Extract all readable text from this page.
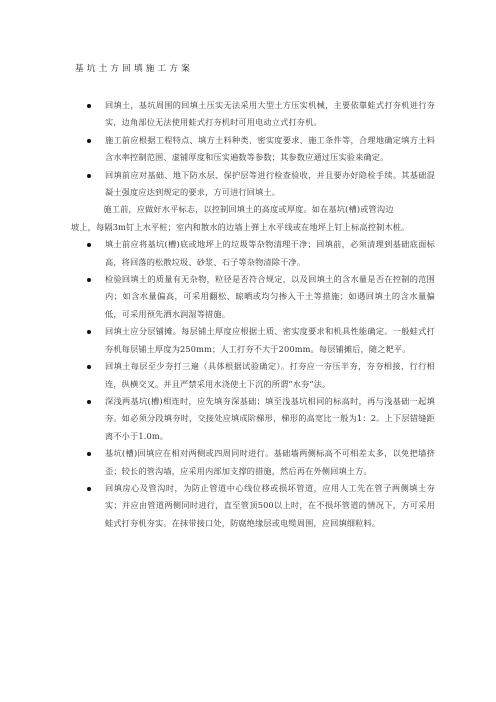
基坑土方回填施工方案

回填土，基坑周围的回填土压实无法采用大型土方压实机械，主要依靠蛙式打夯机进行夯实，边角部位无法使用蛙式打夯机时可用电动立式打夯机。

施工前应根据工程特点、填方土料种类、密实度要求、施工条件等，合理地确定填方土料含水率控制范围、虚铺厚度和压实遍数等参数；其参数应通过压实验来确定。

回填前应对基础、地下防水层、保护层等进行检查验收，并且要办好隐检手续。其基础混凝土强度应达到规定的要求，方可进行回填土。

施工前，应做好水平标志，以控制回填土的高度或厚度。如在基坑(槽)或管沟边

坡上，每隔3m钉上水平桩；室内和散水的边墙上弹上水平线或在地坪上钉上标高控制木桩。

填土前应将基坑(槽)底或地坪上的垃圾等杂物清理干净；回填前，必须清理到基础底面标高，将回落的松散垃圾、砂浆、石子等杂物清除干净。

检验回填土的质量有无杂物，粒径是否符合规定，以及回填土的含水量是否在控制的范围内；如含水量偏高，可采用翻松、晾晒或均匀掺入干土等措施；如遇回填土的含水量偏低，可采用预先洒水润湿等措施。

回填土应分层铺摊。每层铺土厚度应根据土质、密实度要求和机具性能确定。一般蛙式打夯机每层铺土厚度为250mm；人工打夯不大于200mm。每层铺摊后，随之耙平。

回填土每层至少夯打三遍（具体根据试验确定）。打夯应一夯压半夯，夯夯相接，行行相连，纵横交叉。并且严禁采用水浇使土下沉的所谓“水夯”法。

深浅两基坑(槽)相连时，应先填夯深基础；填至浅基坑相同的标高时，再与浅基础一起填夯。如必须分段填夯时，交接处应填成阶梯形，梯形的高宽比一般为1：2。上下层错缝距离不小于1.0m。

基坑(槽)回填应在相对两侧或四周同时进行。基础墙两侧标高不可相差太多，以免把墙挤歪；较长的管沟墙，应采用内部加支撑的措施，然后再在外侧回填土方。

回填房心及管沟时，为防止管道中心线位移或损坏管道，应用人工先在管子两侧填土夯实；并应由管道两侧同时进行，直至管顶500以上时，在不损坏管道的情况下，方可采用蛙式打夯机夯实。在抹带接口处，防腐绝缘层或电缆周围，应回填细粒料。
